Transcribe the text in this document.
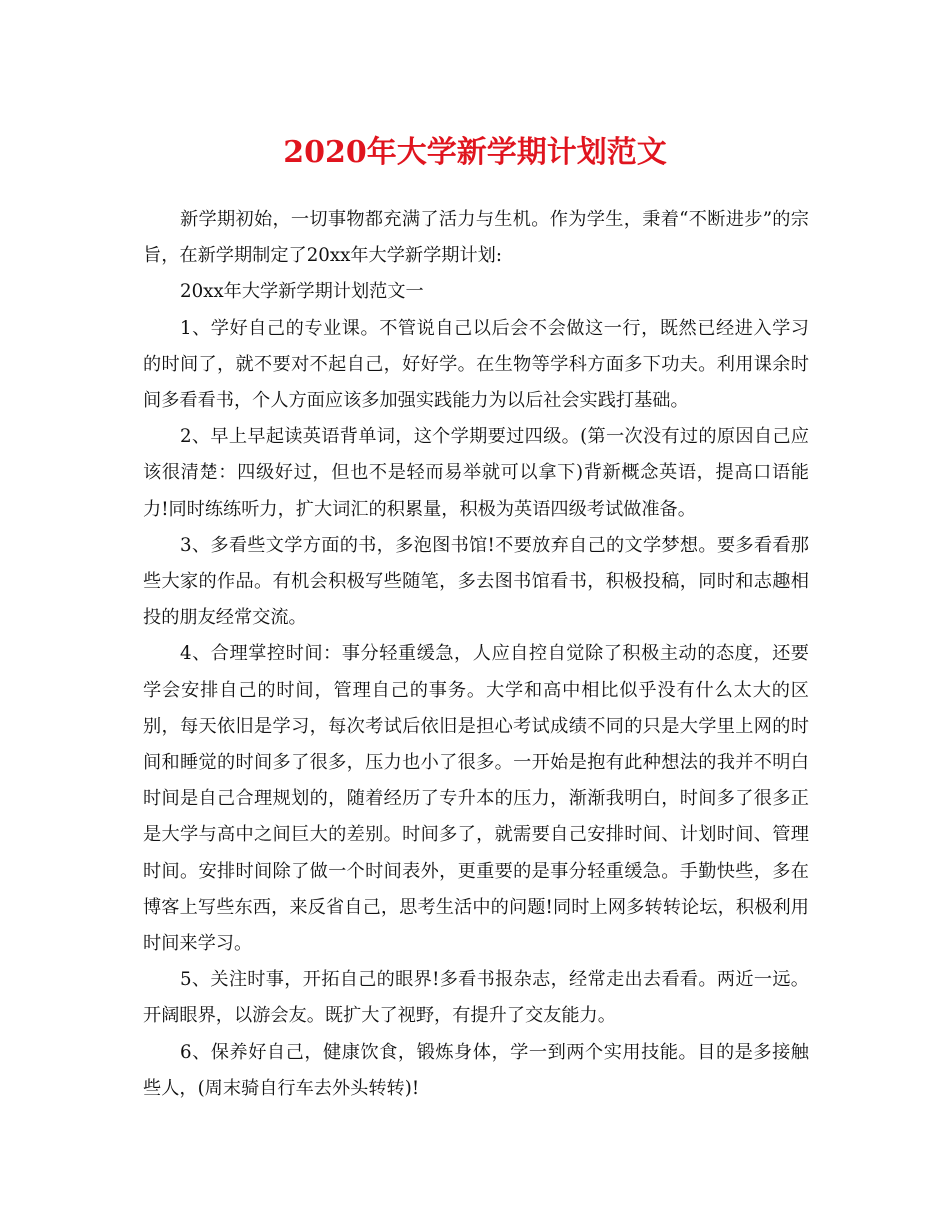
2020年大学新学期计划范文

新学期初始，一切事物都充满了活力与生机。作为学生，秉着“不断进步”的宗旨，在新学期制定了20xx年大学新学期计划:

20xx年大学新学期计划范文一

1、学好自己的专业课。不管说自己以后会不会做这一行，既然已经进入学习的时间了，就不要对不起自己，好好学。在生物等学科方面多下功夫。利用课余时间多看看书，个人方面应该多加强实践能力为以后社会实践打基础。

2、早上早起读英语背单词，这个学期要过四级。(第一次没有过的原因自己应该很清楚：四级好过，但也不是轻而易举就可以拿下)背新概念英语，提高口语能力!同时练练听力，扩大词汇的积累量，积极为英语四级考试做准备。

3、多看些文学方面的书，多泡图书馆!不要放弃自己的文学梦想。要多看看那些大家的作品。有机会积极写些随笔，多去图书馆看书，积极投稿，同时和志趣相投的朋友经常交流。

4、合理掌控时间：事分轻重缓急，人应自控自觉除了积极主动的态度，还要学会安排自己的时间，管理自己的事务。大学和高中相比似乎没有什么太大的区别，每天依旧是学习，每次考试后依旧是担心考试成绩不同的只是大学里上网的时间和睡觉的时间多了很多，压力也小了很多。一开始是抱有此种想法的我并不明白时间是自己合理规划的，随着经历了专升本的压力，渐渐我明白，时间多了很多正是大学与高中之间巨大的差别。时间多了，就需要自己安排时间、计划时间、管理时间。安排时间除了做一个时间表外，更重要的是事分轻重缓急。手勤快些，多在博客上写些东西，来反省自己，思考生活中的问题!同时上网多转转论坛，积极利用时间来学习。

5、关注时事，开拓自己的眼界!多看书报杂志，经常走出去看看。两近一远。开阔眼界，以游会友。既扩大了视野，有提升了交友能力。

6、保养好自己，健康饮食，锻炼身体，学一到两个实用技能。目的是多接触些人，(周末骑自行车去外头转转)!
